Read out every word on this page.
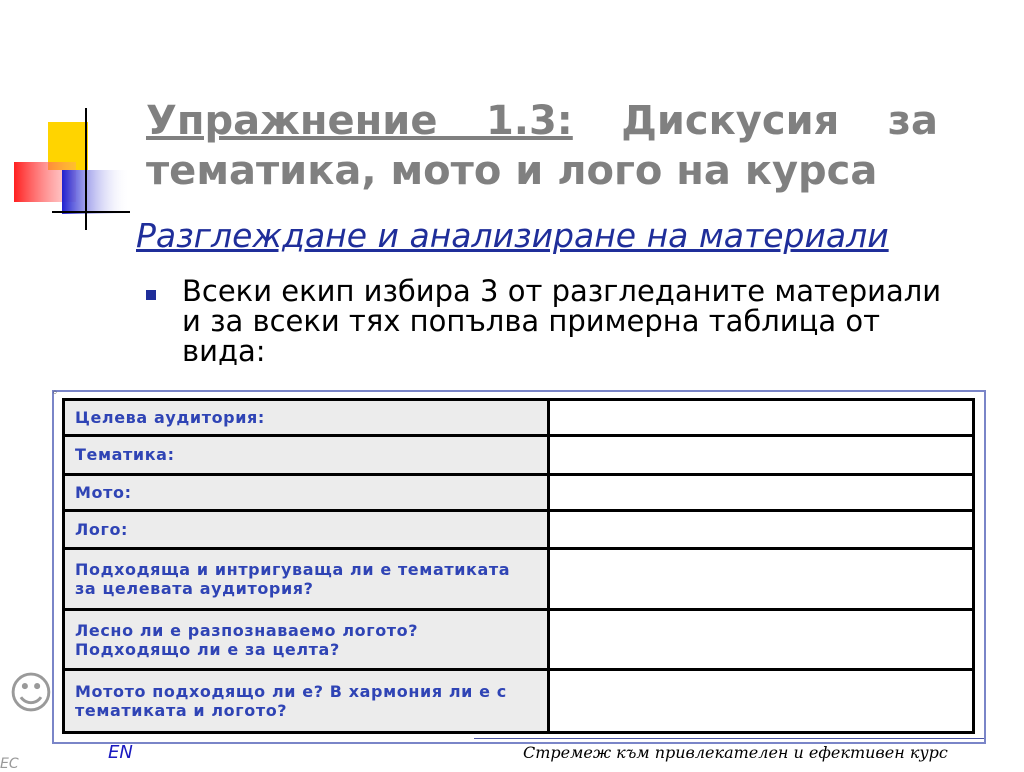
Упражнение 1.3: Дискусия за тематика, мото и лого на курса
Разглеждане и анализиране на материали
Всеки екип избира 3 от разгледаните материали и за всеки тях попълва примерна таблица от вида:
◦
Целева аудитория:	
Тематика:	
Мото:	
Лого:	
Подходяща и интригуваща ли е тематиката за целевата аудитория?	
Лесно ли е разпознаваемо логото? Подходящо ли е за целта?	
Мотото подходящо ли е? В хармония ли е с тематиката и логото?	
☺
EN
EC
Стремеж към привлекателен и ефективен курс
